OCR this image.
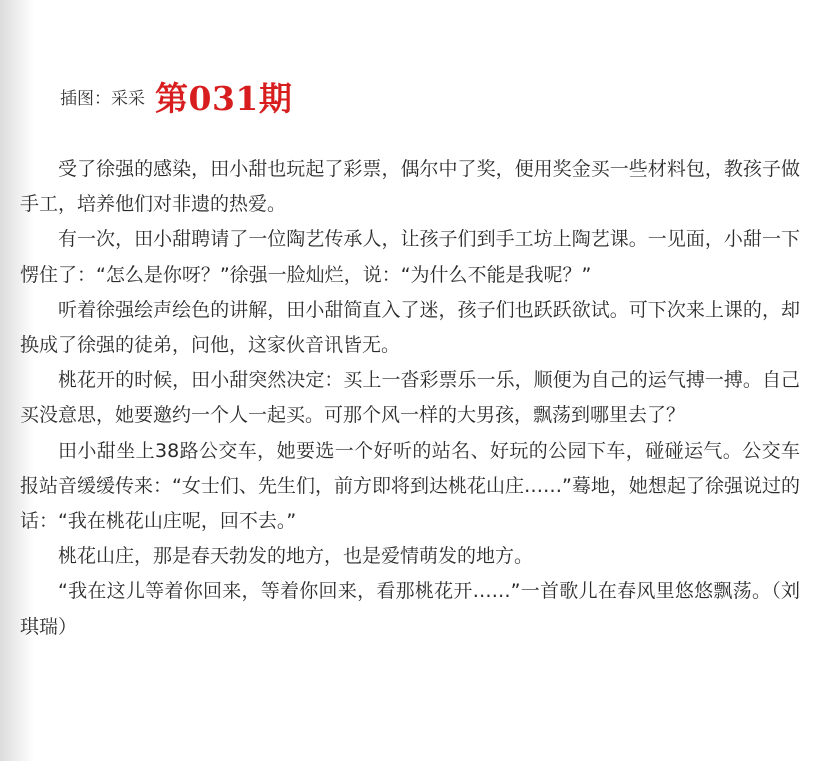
插图：采采 第031期

受了徐强的感染，田小甜也玩起了彩票，偶尔中了奖，便用奖金买一些材料包，教孩子做手工，培养他们对非遗的热爱。

有一次，田小甜聘请了一位陶艺传承人，让孩子们到手工坊上陶艺课。一见面，小甜一下愣住了：“怎么是你呀？”徐强一脸灿烂，说：“为什么不能是我呢？”

听着徐强绘声绘色的讲解，田小甜简直入了迷，孩子们也跃跃欲试。可下次来上课的，却换成了徐强的徒弟，问他，这家伙音讯皆无。

桃花开的时候，田小甜突然决定：买上一沓彩票乐一乐，顺便为自己的运气搏一搏。自己买没意思，她要邀约一个人一起买。可那个风一样的大男孩，飘荡到哪里去了？

田小甜坐上38路公交车，她要选一个好听的站名、好玩的公园下车，碰碰运气。公交车报站音缓缓传来：“女士们、先生们，前方即将到达桃花山庄……”蓦地，她想起了徐强说过的话：“我在桃花山庄呢，回不去。”

桃花山庄，那是春天勃发的地方，也是爱情萌发的地方。

“我在这儿等着你回来，等着你回来，看那桃花开……”一首歌儿在春风里悠悠飘荡。（刘琪瑞）
